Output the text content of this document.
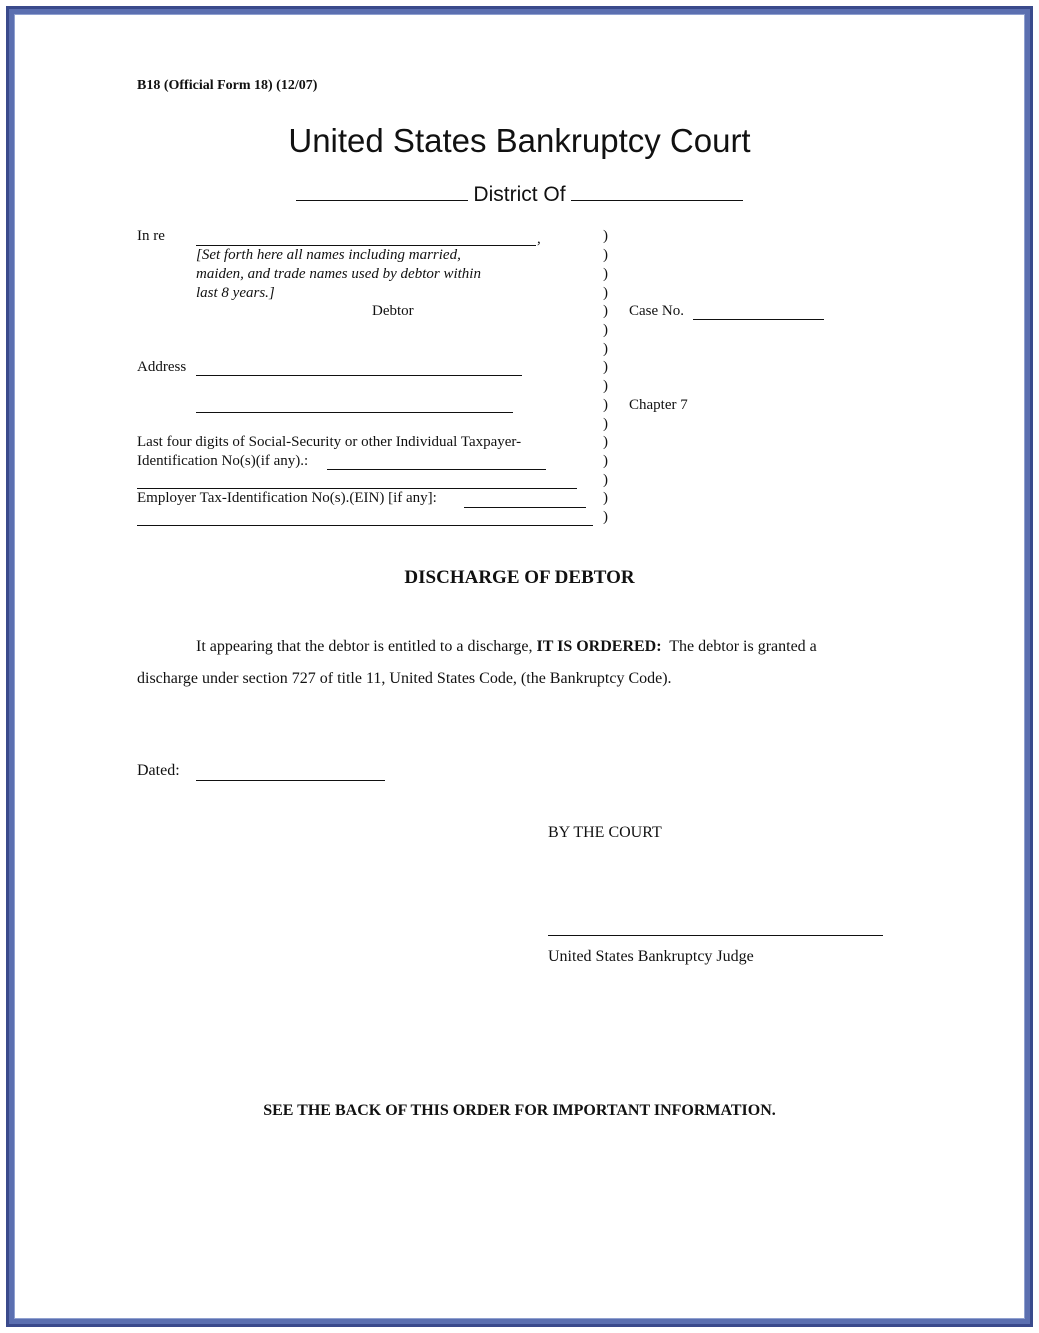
B18 (Official Form 18) (12/07)
United States Bankruptcy Court
District Of
In re	,
[Set forth here all names including married,
maiden, and trade names used by debtor within
last 8 years.]
Debtor
Address
Last four digits of Social-Security or other Individual Taxpayer-
Identification No(s)(if any).:
Employer Tax-Identification No(s).(EIN) [if any]:
)
)
)
)
)
)
)
)
)
)
)
)
)
)
)
)
Case No.
Chapter 7
DISCHARGE OF DEBTOR
It appearing that the debtor is entitled to a discharge, IT IS ORDERED: The debtor is granted a
discharge under section 727 of title 11, United States Code, (the Bankruptcy Code).
Dated:
BY THE COURT
United States Bankruptcy Judge
SEE THE BACK OF THIS ORDER FOR IMPORTANT INFORMATION.
